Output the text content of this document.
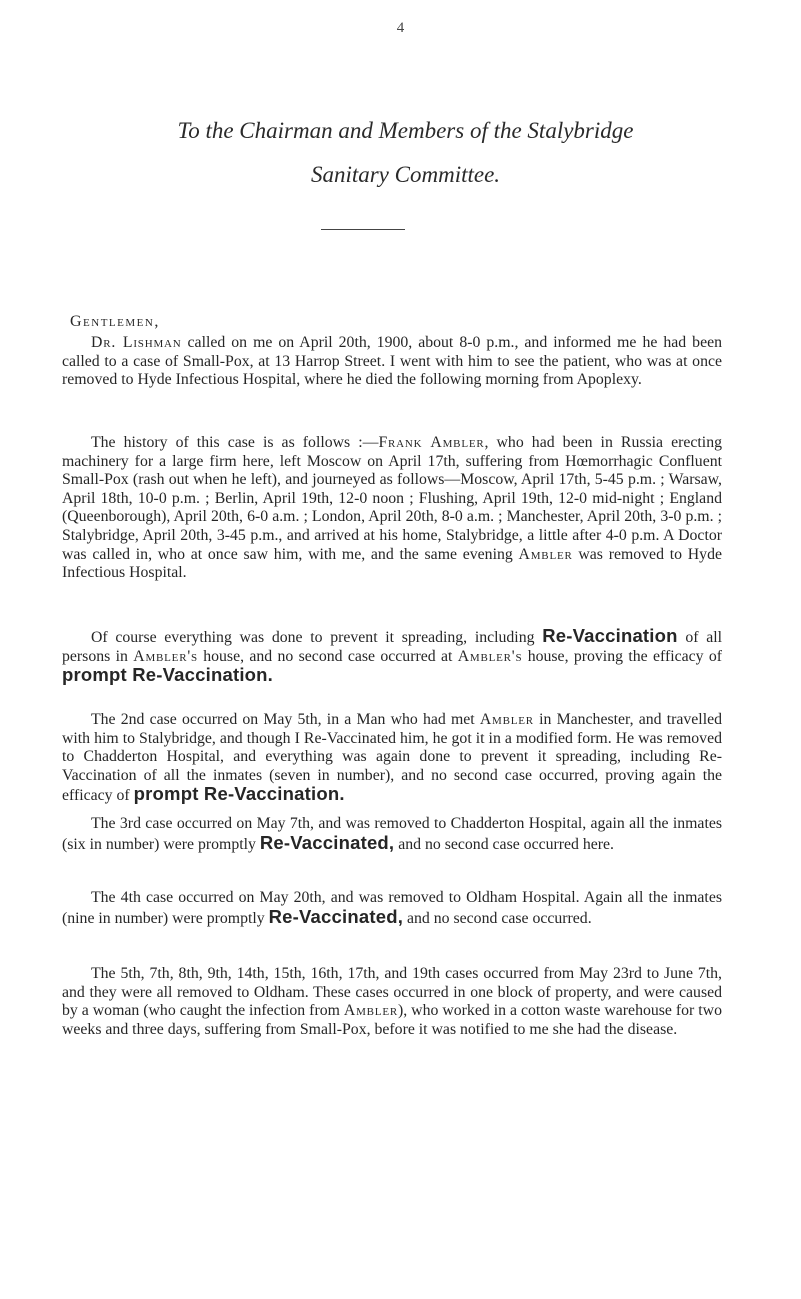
4
To the Chairman and Members of the Stalybridge
Sanitary Committee.
Gentlemen,

Dr. Lishman called on me on April 20th, 1900, about 8-0 p.m., and informed me he had been called to a case of Small-Pox, at 13 Harrop Street. I went with him to see the patient, who was at once removed to Hyde Infectious Hospital, where he died the following morning from Apoplexy.

The history of this case is as follows :—Frank Ambler, who had been in Russia erecting machinery for a large firm here, left Moscow on April 17th, suffering from Hœmorrhagic Confluent Small-Pox (rash out when he left), and journeyed as follows—Moscow, April 17th, 5-45 p.m. ; Warsaw, April 18th, 10-0 p.m. ; Berlin, April 19th, 12-0 noon ; Flushing, April 19th, 12-0 mid-night ; England (Queenborough), April 20th, 6-0 a.m. ; London, April 20th, 8-0 a.m. ; Manchester, April 20th, 3-0 p.m. ; Stalybridge, April 20th, 3-45 p.m., and arrived at his home, Stalybridge, a little after 4-0 p.m. A Doctor was called in, who at once saw him, with me, and the same evening Ambler was removed to Hyde Infectious Hospital.

Of course everything was done to prevent it spreading, including Re-Vaccination of all persons in Ambler's house, and no second case occurred at Ambler's house, proving the efficacy of prompt Re-Vaccination.

The 2nd case occurred on May 5th, in a Man who had met Ambler in Manchester, and travelled with him to Stalybridge, and though I Re-Vaccinated him, he got it in a modified form. He was removed to Chadderton Hospital, and everything was again done to prevent it spreading, including Re-Vaccination of all the inmates (seven in number), and no second case occurred, proving again the efficacy of prompt Re-Vaccination.

The 3rd case occurred on May 7th, and was removed to Chadderton Hospital, again all the inmates (six in number) were promptly Re-Vaccinated, and no second case occurred here.

The 4th case occurred on May 20th, and was removed to Oldham Hospital. Again all the inmates (nine in number) were promptly Re-Vaccinated, and no second case occurred.

The 5th, 7th, 8th, 9th, 14th, 15th, 16th, 17th, and 19th cases occurred from May 23rd to June 7th, and they were all removed to Oldham. These cases occurred in one block of property, and were caused by a woman (who caught the infection from Ambler), who worked in a cotton waste warehouse for two weeks and three days, suffering from Small-Pox, before it was notified to me she had the disease.
